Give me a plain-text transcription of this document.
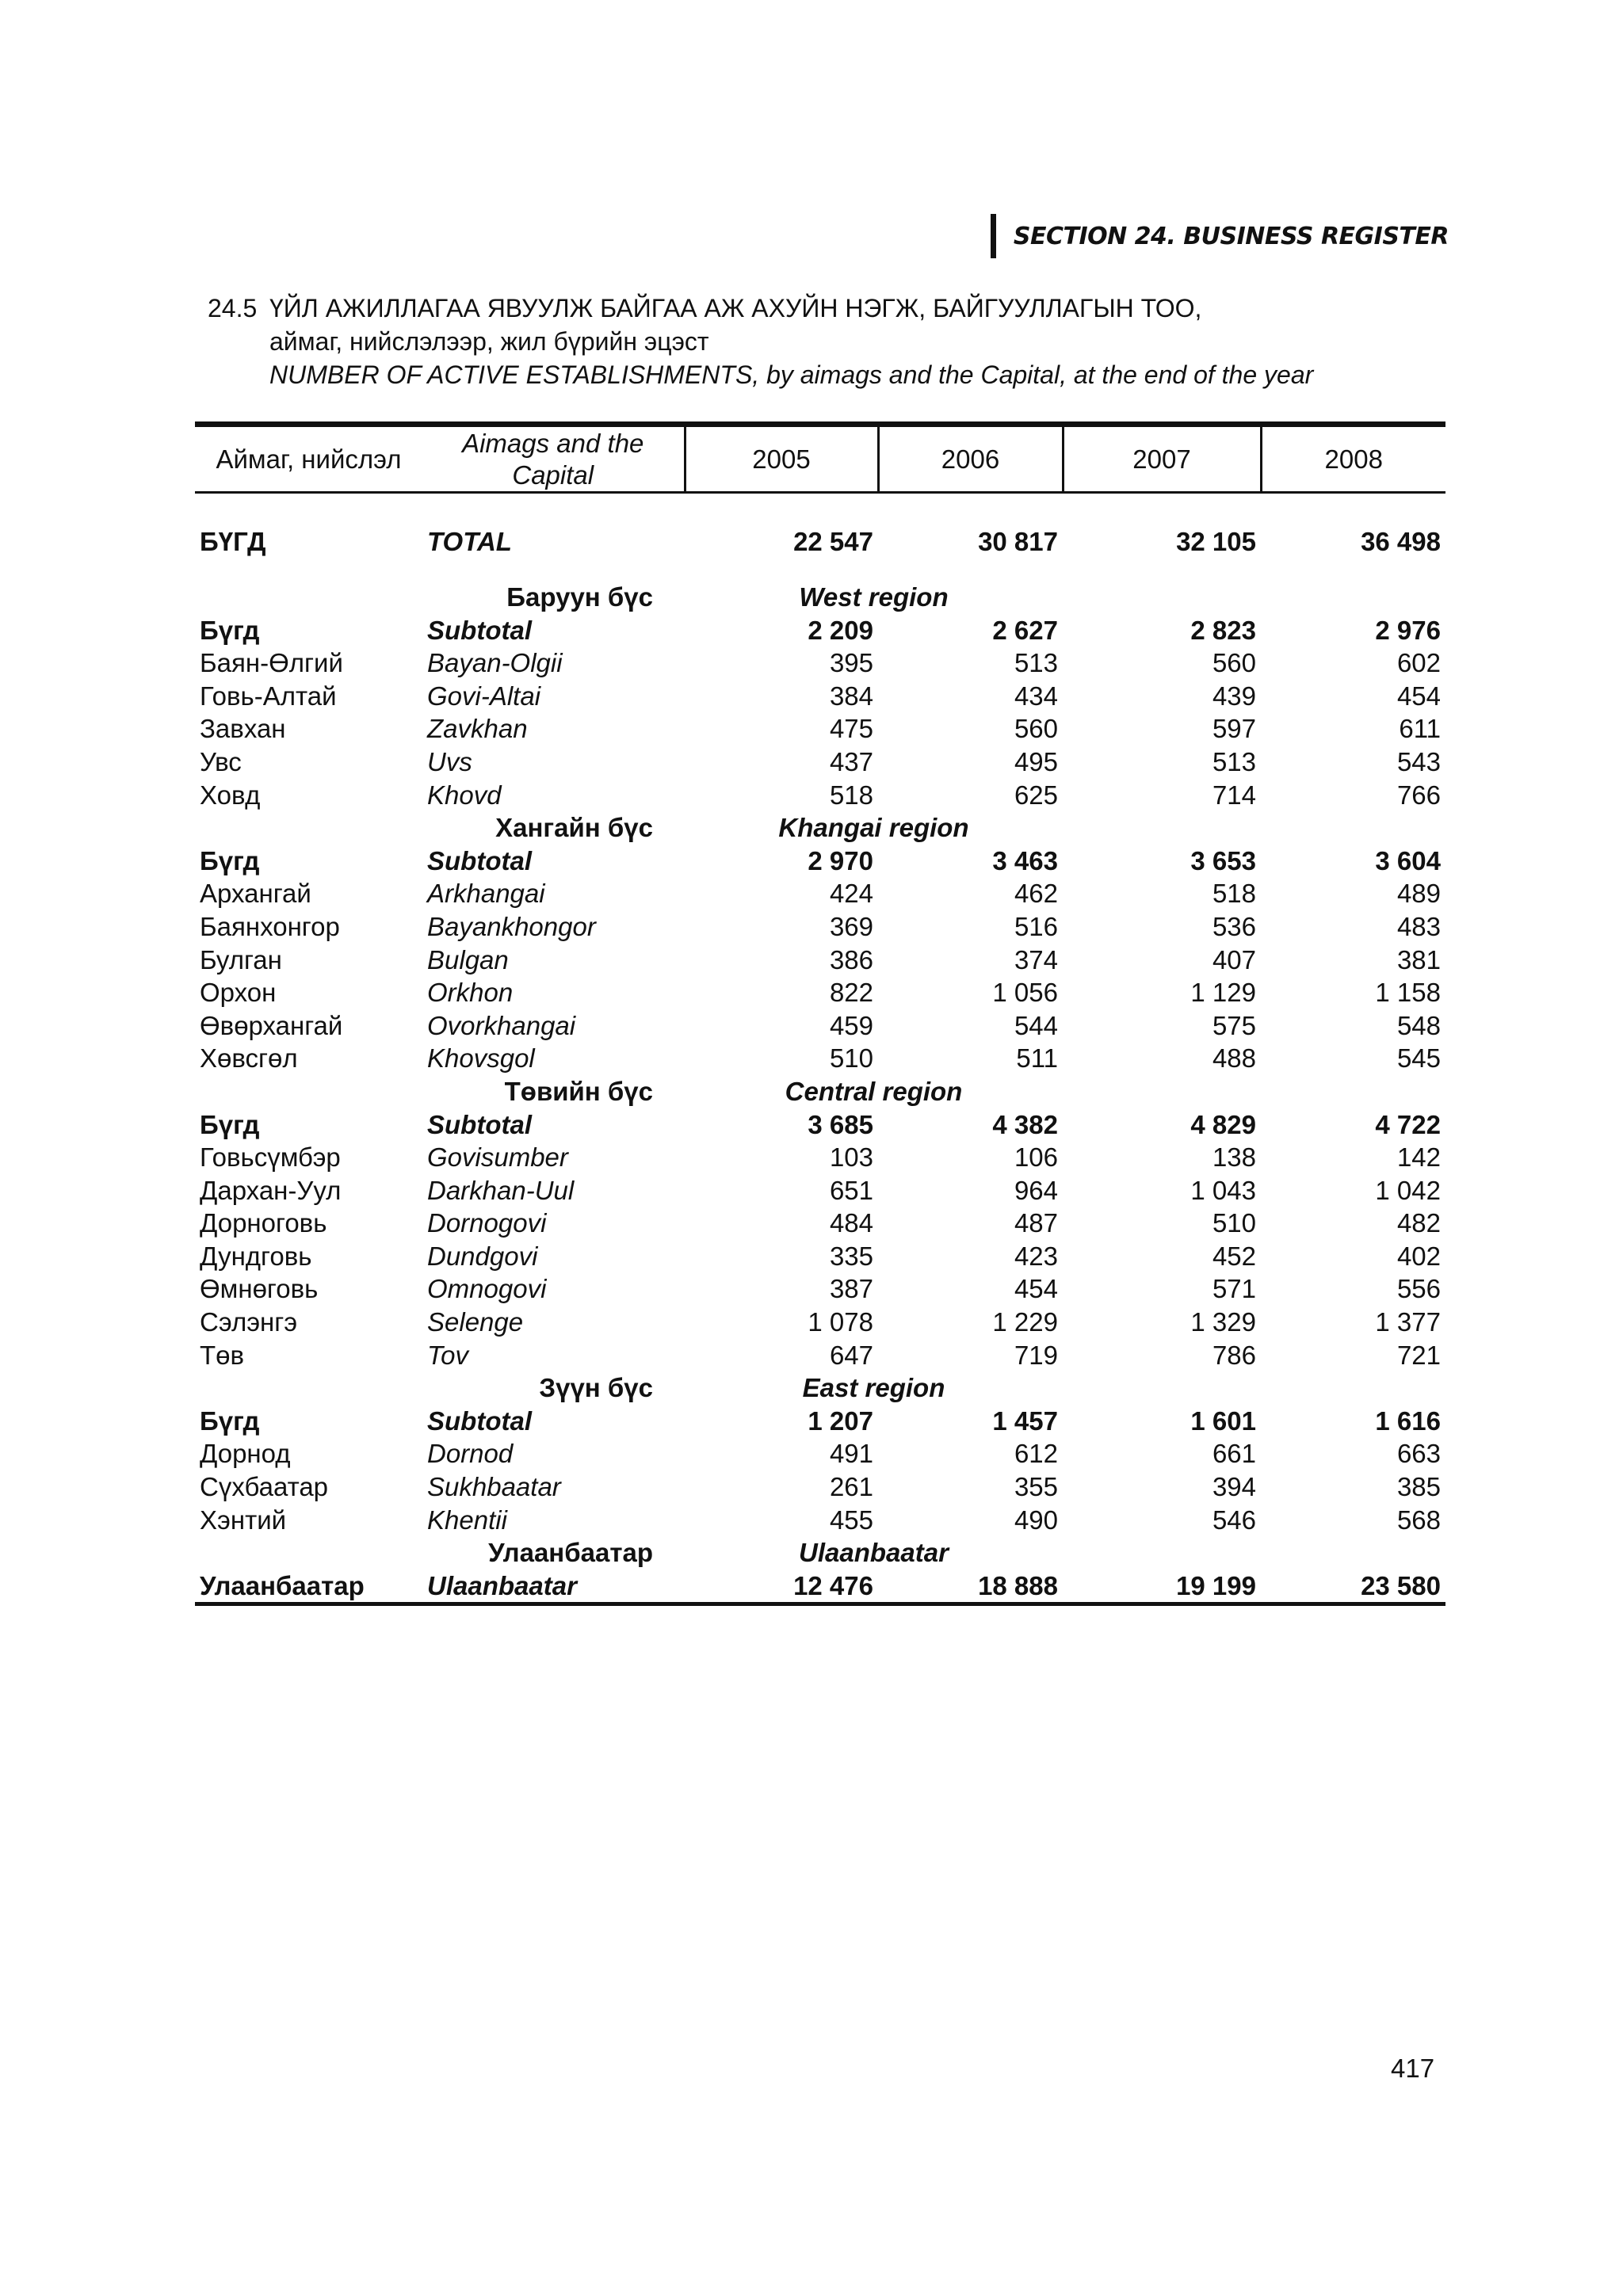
SECTION 24. BUSINESS REGISTER
24.5 ҮЙЛ АЖИЛЛАГАА ЯВУУЛЖ БАЙГАА АЖ АХУЙН НЭГЖ, БАЙГУУЛЛАГЫН ТОО,
аймаг, нийслэлээр, жил бүрийн эцэст
NUMBER OF ACTIVE ESTABLISHMENTS, by aimags and the Capital, at the end of the year
Аймаг, нийслэл	Aimags and the Capital	2005	2006	2007	2008

БҮГД	TOTAL	22 547	30 817	32 105	36 498

	Баруун бүс	West region			
Бүгд	Subtotal	2 209	2 627	2 823	2 976
Баян-Өлгий	Bayan-Olgii	395	513	560	602
Говь-Алтай	Govi-Altai	384	434	439	454
Завхан	Zavkhan	475	560	597	611
Увс	Uvs	437	495	513	543
Ховд	Khovd	518	625	714	766
	Хангайн бүс	Khangai region			
Бүгд	Subtotal	2 970	3 463	3 653	3 604
Архангай	Arkhangai	424	462	518	489
Баянхонгор	Bayankhongor	369	516	536	483
Булган	Bulgan	386	374	407	381
Орхон	Orkhon	822	1 056	1 129	1 158
Өвөрхангай	Ovorkhangai	459	544	575	548
Хөвсгөл	Khovsgol	510	511	488	545
	Төвийн бүс	Central region			
Бүгд	Subtotal	3 685	4 382	4 829	4 722
Говьсүмбэр	Govisumber	103	106	138	142
Дархан-Уул	Darkhan-Uul	651	964	1 043	1 042
Дорноговь	Dornogovi	484	487	510	482
Дундговь	Dundgovi	335	423	452	402
Өмнөговь	Omnogovi	387	454	571	556
Сэлэнгэ	Selenge	1 078	1 229	1 329	1 377
Төв	Tov	647	719	786	721
	Зүүн бүс	East region			
Бүгд	Subtotal	1 207	1 457	1 601	1 616
Дорнод	Dornod	491	612	661	663
Сүхбаатар	Sukhbaatar	261	355	394	385
Хэнтий	Khentii	455	490	546	568
	Улаанбаатар	Ulaanbaatar			
Улаанбаатар	Ulaanbaatar	12 476	18 888	19 199	23 580
417
